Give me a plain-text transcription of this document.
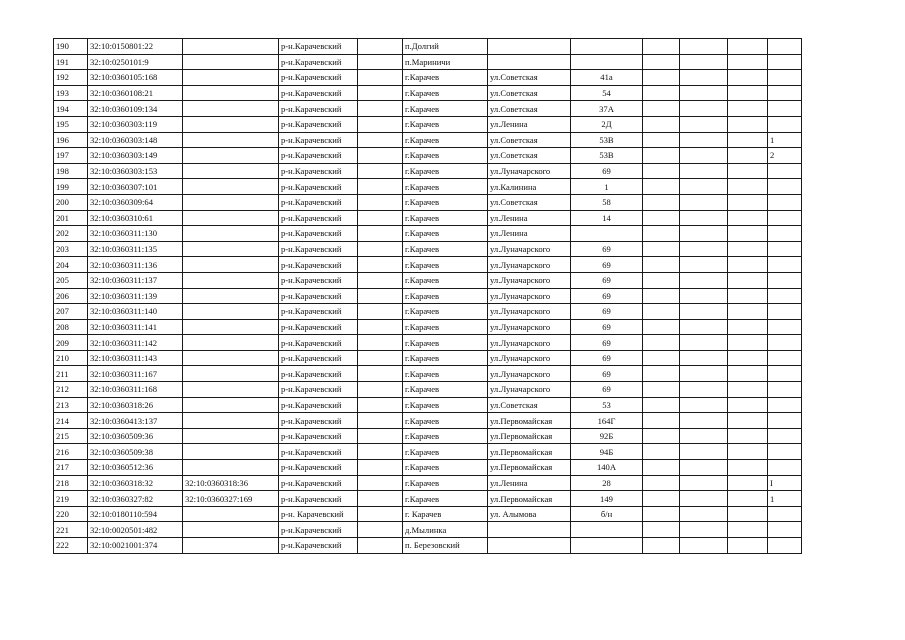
190	32:10:0150801:22		р-н.Карачевский		п.Долгий						
191	32:10:0250101:9		р-н.Карачевский		п.Мариничи						
192	32:10:0360105:168		р-н.Карачевский		г.Карачев	ул.Советская	41а				
193	32:10:0360108:21		р-н.Карачевский		г.Карачев	ул.Советская	54				
194	32:10:0360109:134		р-н.Карачевский		г.Карачев	ул.Советская	37А				
195	32:10:0360303:119		р-н.Карачевский		г.Карачев	ул.Ленина	2Д				
196	32:10:0360303:148		р-н.Карачевский		г.Карачев	ул.Советская	53В				1
197	32:10:0360303:149		р-н.Карачевский		г.Карачев	ул.Советская	53В				2
198	32:10:0360303:153		р-н.Карачевский		г.Карачев	ул.Луначарского	69				
199	32:10:0360307:101		р-н.Карачевский		г.Карачев	ул.Калинина	1				
200	32:10:0360309:64		р-н.Карачевский		г.Карачев	ул.Советская	58				
201	32:10:0360310:61		р-н.Карачевский		г.Карачев	ул.Ленина	14				
202	32:10:0360311:130		р-н.Карачевский		г.Карачев	ул.Ленина					
203	32:10:0360311:135		р-н.Карачевский		г.Карачев	ул.Луначарского	69				
204	32:10:0360311:136		р-н.Карачевский		г.Карачев	ул.Луначарского	69				
205	32:10:0360311:137		р-н.Карачевский		г.Карачев	ул.Луначарского	69				
206	32:10:0360311:139		р-н.Карачевский		г.Карачев	ул.Луначарского	69				
207	32:10:0360311:140		р-н.Карачевский		г.Карачев	ул.Луначарского	69				
208	32:10:0360311:141		р-н.Карачевский		г.Карачев	ул.Луначарского	69				
209	32:10:0360311:142		р-н.Карачевский		г.Карачев	ул.Луначарского	69				
210	32:10:0360311:143		р-н.Карачевский		г.Карачев	ул.Луначарского	69				
211	32:10:0360311:167		р-н.Карачевский		г.Карачев	ул.Луначарского	69				
212	32:10:0360311:168		р-н.Карачевский		г.Карачев	ул.Луначарского	69				
213	32:10:0360318:26		р-н.Карачевский		г.Карачев	ул.Советская	53				
214	32:10:0360413:137		р-н.Карачевский		г.Карачев	ул.Первомайская	164Г				
215	32:10:0360509:36		р-н.Карачевский		г.Карачев	ул.Первомайская	92Б				
216	32:10:0360509:38		р-н.Карачевский		г.Карачев	ул.Первомайская	94Б				
217	32:10:0360512:36		р-н.Карачевский		г.Карачев	ул.Первомайская	140А				
218	32:10:0360318:32	32:10:0360318:36	р-н.Карачевский		г.Карачев	ул.Ленина	28				I
219	32:10:0360327:82	32:10:0360327:169	р-н.Карачевский		г.Карачев	ул.Первомайская	149				1
220	32:10:0180110:594		р-н. Карачевский		г. Карачев	ул. Алымова	б/н				
221	32:10:0020501:482		р-н.Карачевский		д.Мылинка						
222	32:10:0021001:374		р-н.Карачевский		п. Березовский						
